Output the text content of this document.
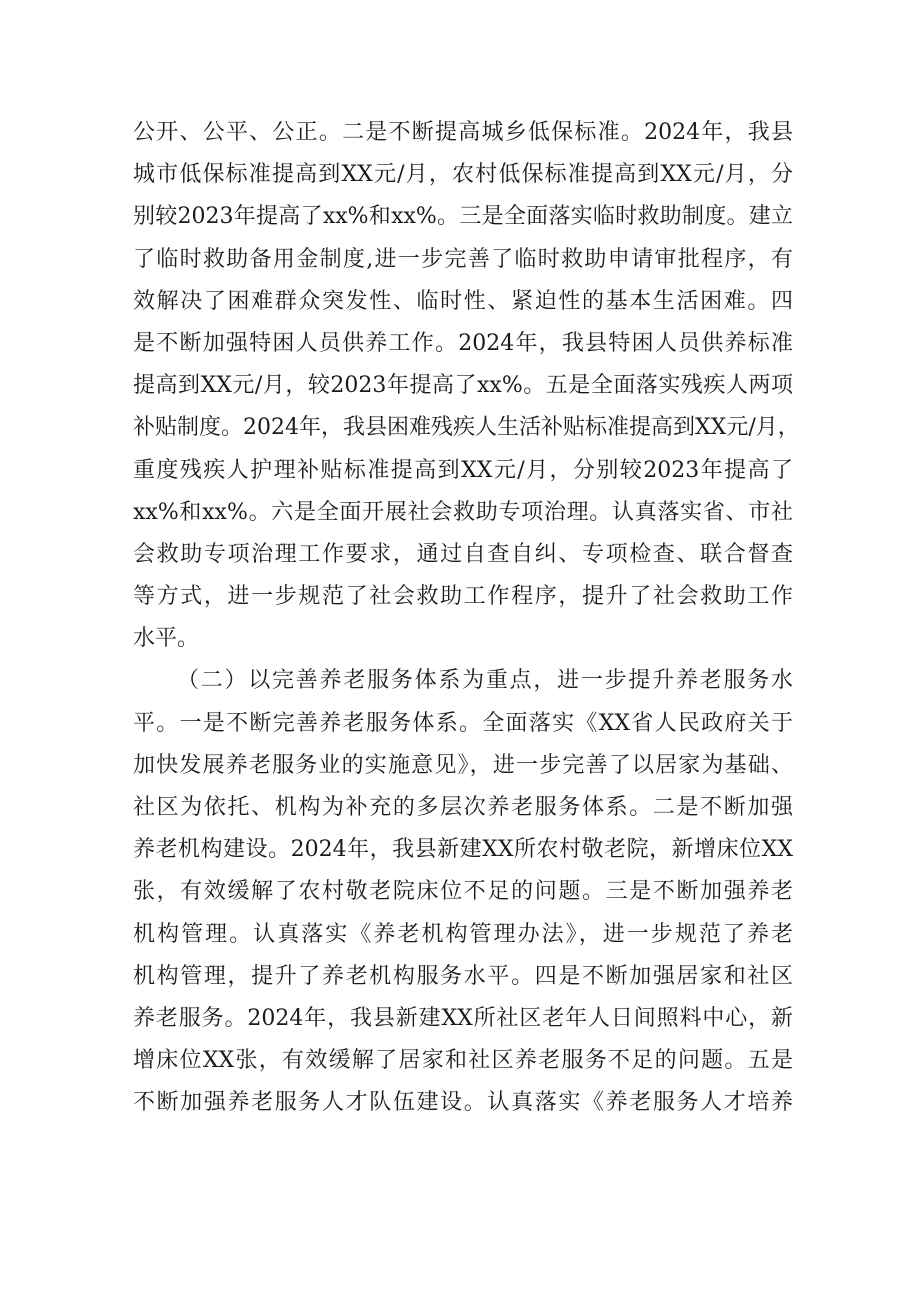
公开、公平、公正。二是不断提高城乡低保标准。2024年，我县
城市低保标准提高到XX元/月，农村低保标准提高到XX元/月，分
别较2023年提高了xx%和xx%。三是全面落实临时救助制度。建立
了临时救助备用金制度,进一步完善了临时救助申请审批程序，有
效解决了困难群众突发性、临时性、紧迫性的基本生活困难。四
是不断加强特困人员供养工作。2024年，我县特困人员供养标准
提高到XX元/月，较2023年提高了xx%。五是全面落实残疾人两项
补贴制度。2024年，我县困难残疾人生活补贴标准提高到XX元/月，
重度残疾人护理补贴标准提高到XX元/月，分别较2023年提高了
xx%和xx%。六是全面开展社会救助专项治理。认真落实省、市社
会救助专项治理工作要求，通过自查自纠、专项检查、联合督查
等方式，进一步规范了社会救助工作程序，提升了社会救助工作
水平。
（二）以完善养老服务体系为重点，进一步提升养老服务水
平。一是不断完善养老服务体系。全面落实《XX省人民政府关于
加快发展养老服务业的实施意见》，进一步完善了以居家为基础、
社区为依托、机构为补充的多层次养老服务体系。二是不断加强
养老机构建设。2024年，我县新建XX所农村敬老院，新增床位XX
张，有效缓解了农村敬老院床位不足的问题。三是不断加强养老
机构管理。认真落实《养老机构管理办法》，进一步规范了养老
机构管理，提升了养老机构服务水平。四是不断加强居家和社区
养老服务。2024年，我县新建XX所社区老年人日间照料中心，新
增床位XX张，有效缓解了居家和社区养老服务不足的问题。五是
不断加强养老服务人才队伍建设。认真落实《养老服务人才培养
